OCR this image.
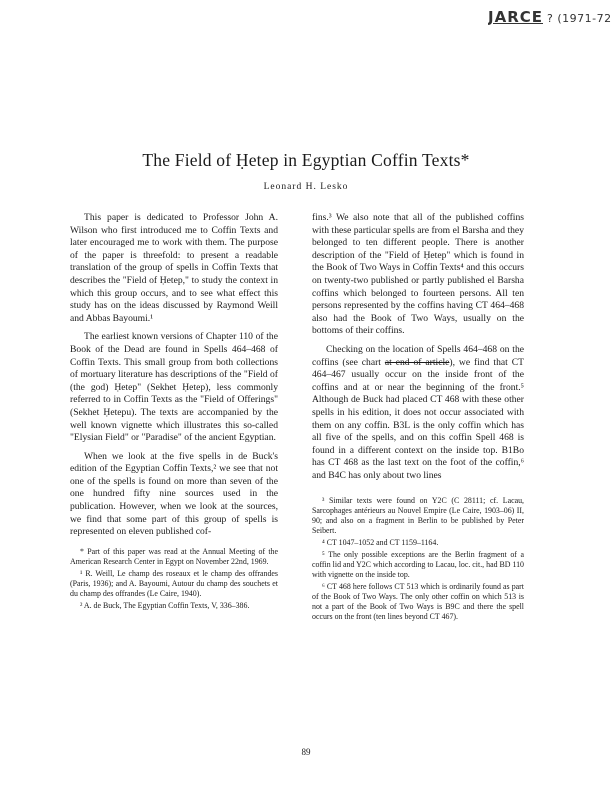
JARCE ? (1971-72
The Field of Ḥetep in Egyptian Coffin Texts*
Leonard H. Lesko

This paper is dedicated to Professor John A. Wilson who first introduced me to Coffin Texts and later encouraged me to work with them. The purpose of the paper is threefold: to present a readable translation of the group of spells in Coffin Texts that describes the "Field of Ḥetep," to study the context in which this group occurs, and to see what effect this study has on the ideas discussed by Raymond Weill and Abbas Bayoumi.¹

The earliest known versions of Chapter 110 of the Book of the Dead are found in Spells 464–468 of Coffin Texts. This small group from both collections of mortuary literature has descriptions of the "Field of (the god) Ḥetep" (Sekhet Ḥetep), less commonly referred to in Coffin Texts as the "Field of Offerings" (Sekhet Ḥetepu). The texts are accompanied by the well known vignette which illustrates this so-called "Elysian Field" or "Paradise" of the ancient Egyptian.

When we look at the five spells in de Buck's edition of the Egyptian Coffin Texts,² we see that not one of the spells is found on more than seven of the one hundred fifty nine sources used in the publication. However, when we look at the sources, we find that some part of this group of spells is represented on eleven published cof-

* Part of this paper was read at the Annual Meeting of the American Research Center in Egypt on November 22nd, 1969.
¹ R. Weill, Le champ des roseaux et le champ des offrandes (Paris, 1936); and A. Bayoumi, Autour du champ des souchets et du champ des offrandes (Le Caire, 1940).
² A. de Buck, The Egyptian Coffin Texts, V, 336–386.

fins.³ We also note that all of the published coffins with these particular spells are from el Barsha and they belonged to ten different people. There is another description of the "Field of Ḥetep" which is found in the Book of Two Ways in Coffin Texts⁴ and this occurs on twenty-two published or partly published el Barsha coffins which belonged to fourteen persons. All ten persons represented by the coffins having CT 464–468 also had the Book of Two Ways, usually on the bottoms of their coffins.

Checking on the location of Spells 464–468 on the coffins (see chart at end of article), we find that CT 464–467 usually occur on the inside front of the coffins and at or near the beginning of the front.⁵ Although de Buck had placed CT 468 with these other spells in his edition, it does not occur associated with them on any coffin. B3L is the only coffin which has all five of the spells, and on this coffin Spell 468 is found in a different context on the inside top. B1Bo has CT 468 as the last text on the foot of the coffin,⁶ and B4C has only about two lines

³ Similar texts were found on Y2C (C 28111; cf. Lacau, Sarcophages antérieurs au Nouvel Empire (Le Caire, 1903–06) II, 90; and also on a fragment in Berlin to be published by Peter Seibert.
⁴ CT 1047–1052 and CT 1159–1164.
⁵ The only possible exceptions are the Berlin fragment of a coffin lid and Y2C which according to Lacau, loc. cit., had BD 110 with vignette on the inside top.
⁶ CT 468 here follows CT 513 which is ordinarily found as part of the Book of Two Ways. The only other coffin on which 513 is not a part of the Book of Two Ways is B9C and there the spell occurs on the front (ten lines beyond CT 467).
89
